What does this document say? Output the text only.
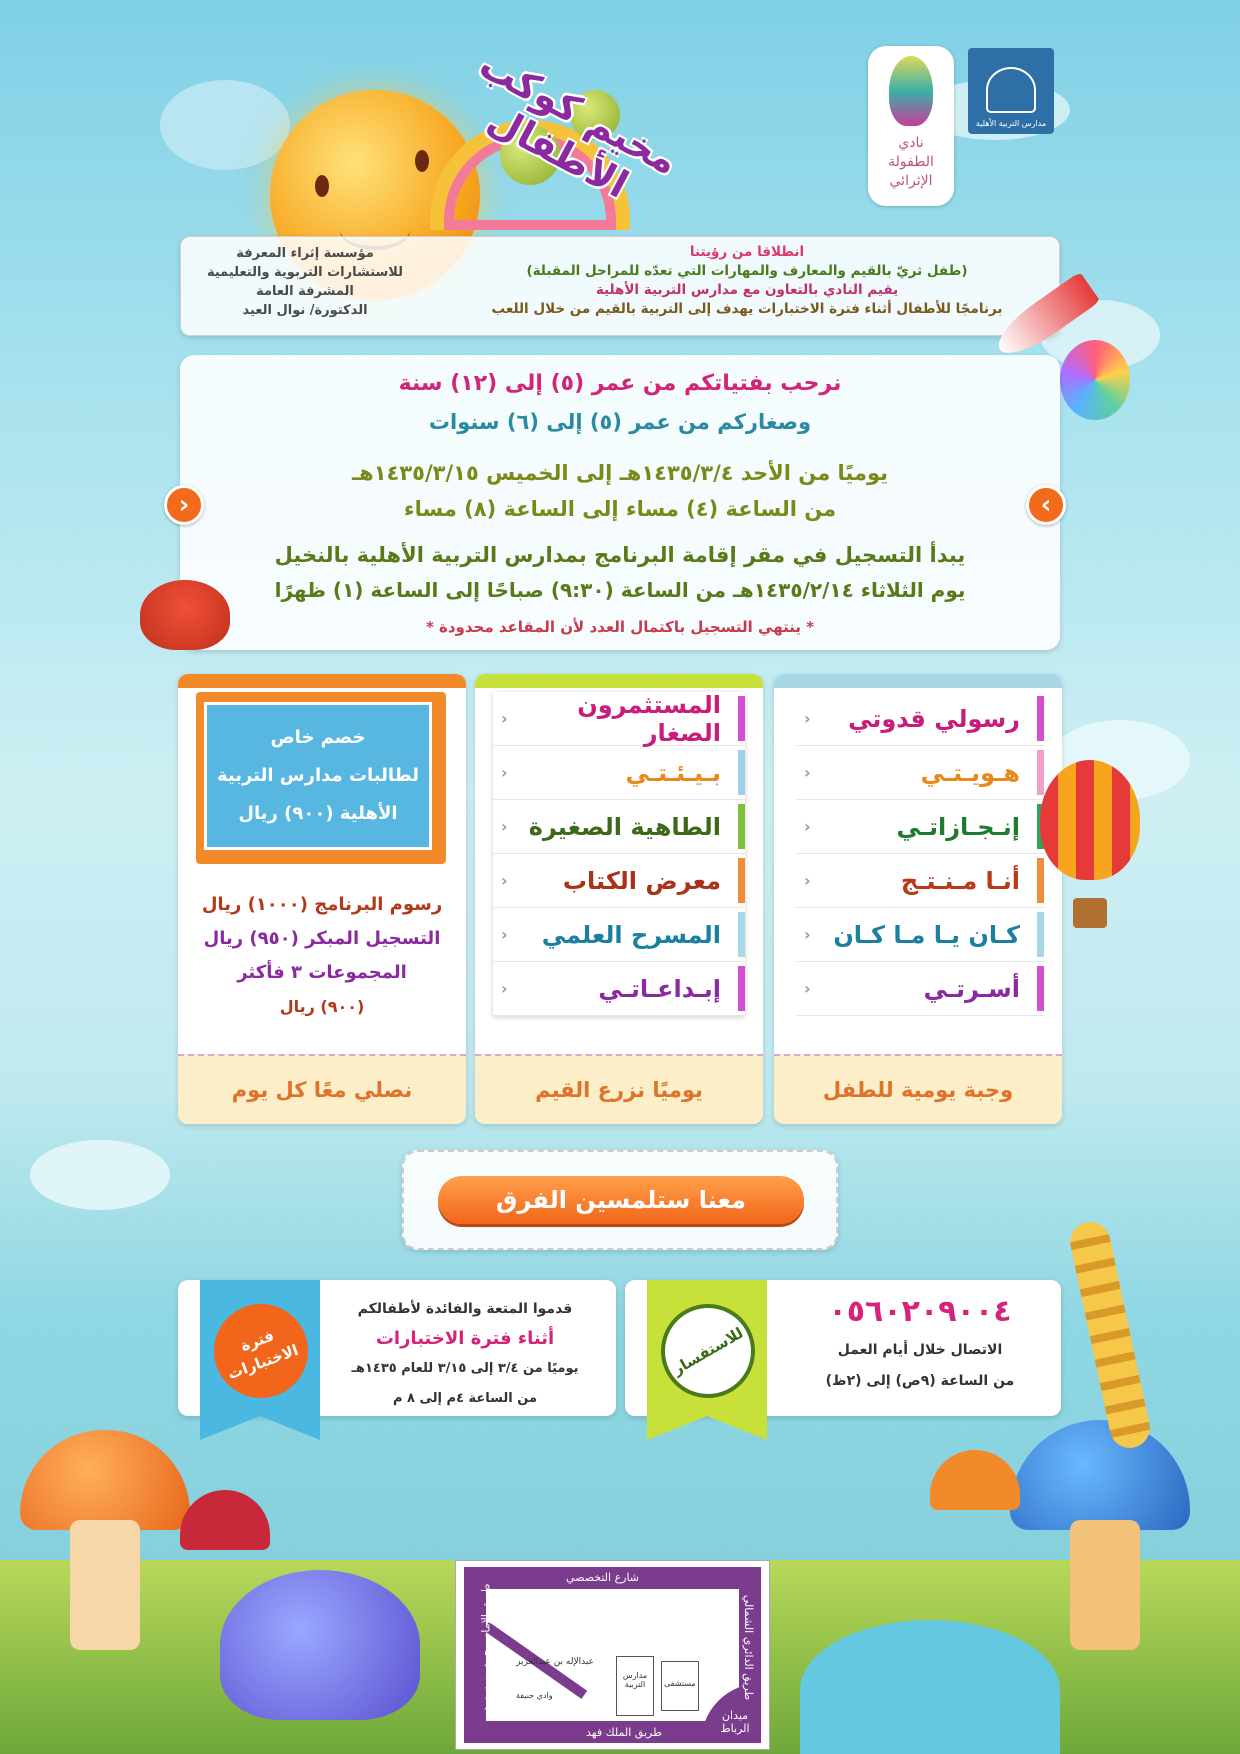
مخيم كوكب الأطفال	نادي الطفولة الإثرائي
مدارس التربية الأهلية
انطلاقا من رؤيتنا
(طفل ثريّ بالقيم والمعارف والمهارات التي تعدّه للمراحل المقبلة)
يقيم النادي بالتعاون مع مدارس التربية الأهلية
برنامجًا للأطفال أثناء فترة الاختبارات يهدف إلى التربية بالقيم من خلال اللعب
مؤسسة إثراء المعرفة
للاستشارات التربوية والتعليمية
المشرفة العامة
الدكتورة/ نوال العيد
نرحب بفتياتكم من عمر (٥) إلى (١٢) سنة
وصغاركم من عمر (٥) إلى (٦) سنوات
يوميًا من الأحد ١٤٣٥/٣/٤هـ إلى الخميس ١٤٣٥/٣/١٥هـ
من الساعة (٤) مساء إلى الساعة (٨) مساء
يبدأ التسجيل في مقر إقامة البرنامج بمدارس التربية الأهلية بالنخيل
يوم الثلاثاء ١٤٣٥/٢/١٤هـ من الساعة (٩:٣٠) صباحًا إلى الساعة (١) ظهرًا
* ينتهي التسجيل باكتمال العدد لأن المقاعد محدودة *
‹	›
رسولي قدوتي
‹
هـويـتـي
‹
إنـجـازاتـي
‹
أنـا مـنـتـج
‹
كـان يـا مـا كـان
‹
أسـرتـي
‹
وجبة يومية للطفل
المستثمرون الصغار
‹
بـيـئـتـي
‹
الطاهية الصغيرة
‹
معرض الكتاب
‹
المسرح العلمي
‹
إبـداعـاتـي
‹
يوميًا نزرع القيم
خصم خاص
لطالبات مدارس التربية
الأهلية (٩٠٠) ريال
رسوم البرنامج (١٠٠٠) ريال
التسجيل المبكر (٩٥٠) ريال
المجموعات ٣ فأكثر
(٩٠٠) ريال
نصلي معًا كل يوم
معنا ستلمسين الفرق
فترة الاختبارات
قدموا المتعة والفائدة لأطفالكم
أثناء فترة الاختبارات
يوميًا من ٣/٤ إلى ٣/١٥ للعام ١٤٣٥هـ
من الساعة ٤م إلى ٨ م
للاستفسار
٠٥٦٠٢٠٩٠٠٤
الاتصال خلال أيام العمل
من الساعة (٩ص) إلى (٢ظ)
شارع التخصصي
طريق الملك فهد
طريق الدائري الشمالي
طريق الإمام محمد بن سعود
ميدان الرباط
عبدالإله بن عبدالعزيز
مدارس التربية	مستشفى
وادي حنيفة
